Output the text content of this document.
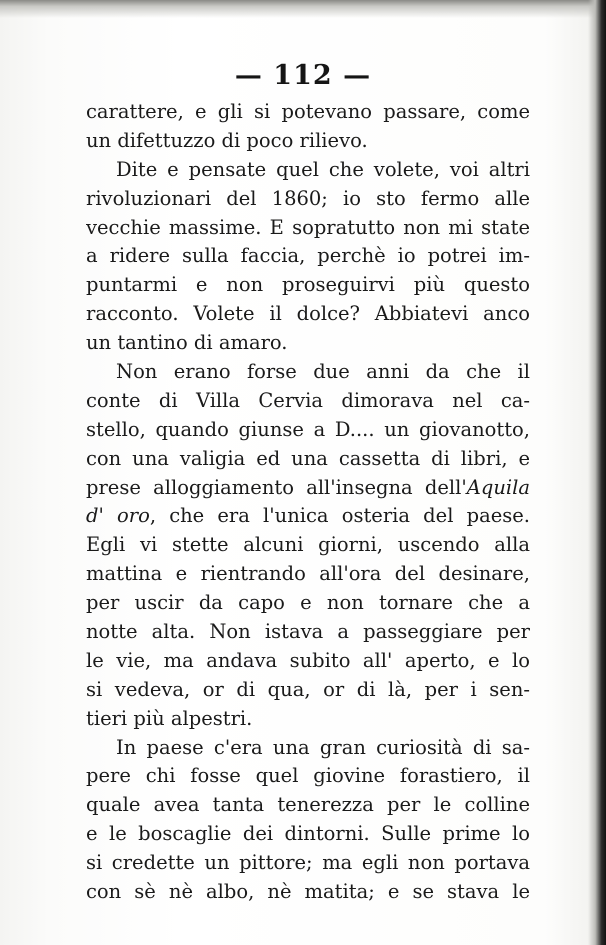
— 112 —
carattere, e gli si potevano passare, come
un difettuzzo di poco rilievo.
Dite e pensate quel che volete, voi altri
rivoluzionari del 1860; io sto fermo alle
vecchie massime. E sopratutto non mi state
a ridere sulla faccia, perchè io potrei im-
puntarmi e non proseguirvi più questo
racconto. Volete il dolce? Abbiatevi anco
un tantino di amaro.
Non erano forse due anni da che il
conte di Villa Cervia dimorava nel ca-
stello, quando giunse a D.... un giovanotto,
con una valigia ed una cassetta di libri, e
prese alloggiamento all'insegna dell'Aquila
d' oro, che era l'unica osteria del paese.
Egli vi stette alcuni giorni, uscendo alla
mattina e rientrando all'ora del desinare,
per uscir da capo e non tornare che a
notte alta. Non istava a passeggiare per
le vie, ma andava subito all' aperto, e lo
si vedeva, or di qua, or di là, per i sen-
tieri più alpestri.
In paese c'era una gran curiosità di sa-
pere chi fosse quel giovine forastiero, il
quale avea tanta tenerezza per le colline
e le boscaglie dei dintorni. Sulle prime lo
si credette un pittore; ma egli non portava
con sè nè albo, nè matita; e se stava le
